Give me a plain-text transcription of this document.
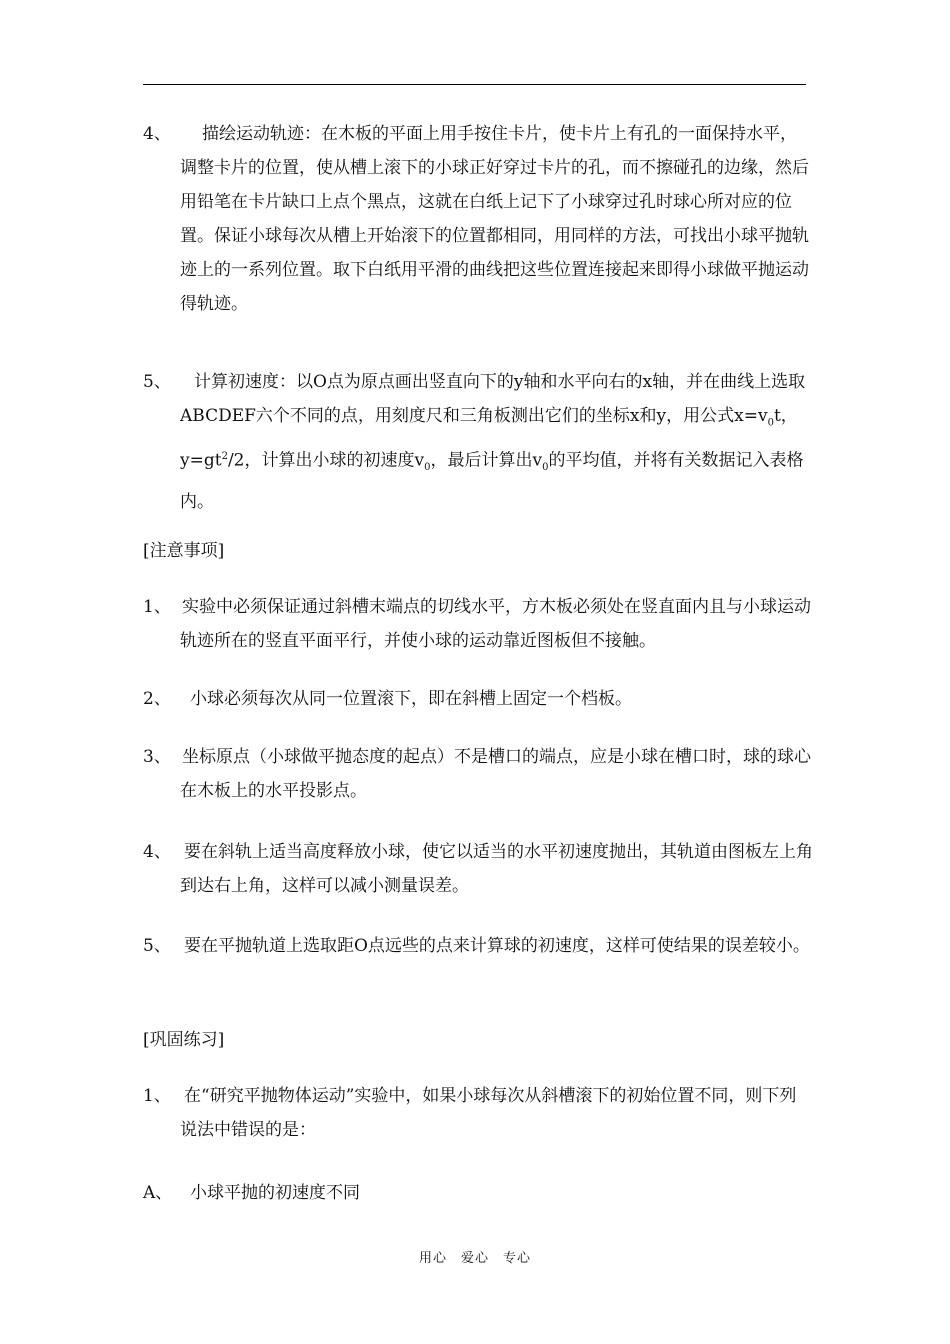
4、	描绘运动轨迹：在木板的平面上用手按住卡片，使卡片上有孔的一面保持水平，调整卡片的位置，使从槽上滚下的小球正好穿过卡片的孔，而不擦碰孔的边缘，然后用铅笔在卡片缺口上点个黑点，这就在白纸上记下了小球穿过孔时球心所对应的位置。保证小球每次从槽上开始滚下的位置都相同，用同样的方法，可找出小球平抛轨迹上的一系列位置。取下白纸用平滑的曲线把这些位置连接起来即得小球做平抛运动得轨迹。
5、	计算初速度：以O点为原点画出竖直向下的y轴和水平向右的x轴，并在曲线上选取ABCDEF六个不同的点，用刻度尺和三角板测出它们的坐标x和y，用公式$x=v_0t$，$y=gt^2/2$，计算出小球的初速度$v_0$，最后计算出$v_0$的平均值，并将有关数据记入表格内。
[注意事项]
1、 实验中必须保证通过斜槽末端点的切线水平，方木板必须处在竖直面内且与小球运动轨迹所在的竖直平面平行，并使小球的运动靠近图板但不接触。
2、	小球必须每次从同一位置滚下，即在斜槽上固定一个档板。
3、 坐标原点（小球做平抛态度的起点）不是槽口的端点，应是小球在槽口时，球的球心在木板上的水平投影点。
4、 要在斜轨上适当高度释放小球，使它以适当的水平初速度抛出，其轨道由图板左上角到达右上角，这样可以减小测量误差。
5、 要在平抛轨道上选取距O点远些的点来计算球的初速度，这样可使结果的误差较小。
[巩固练习]
1、 在“研究平抛物体运动”实验中，如果小球每次从斜槽滚下的初始位置不同，则下列说法中错误的是：
A、	小球平抛的初速度不同
用心　爱心　专心
